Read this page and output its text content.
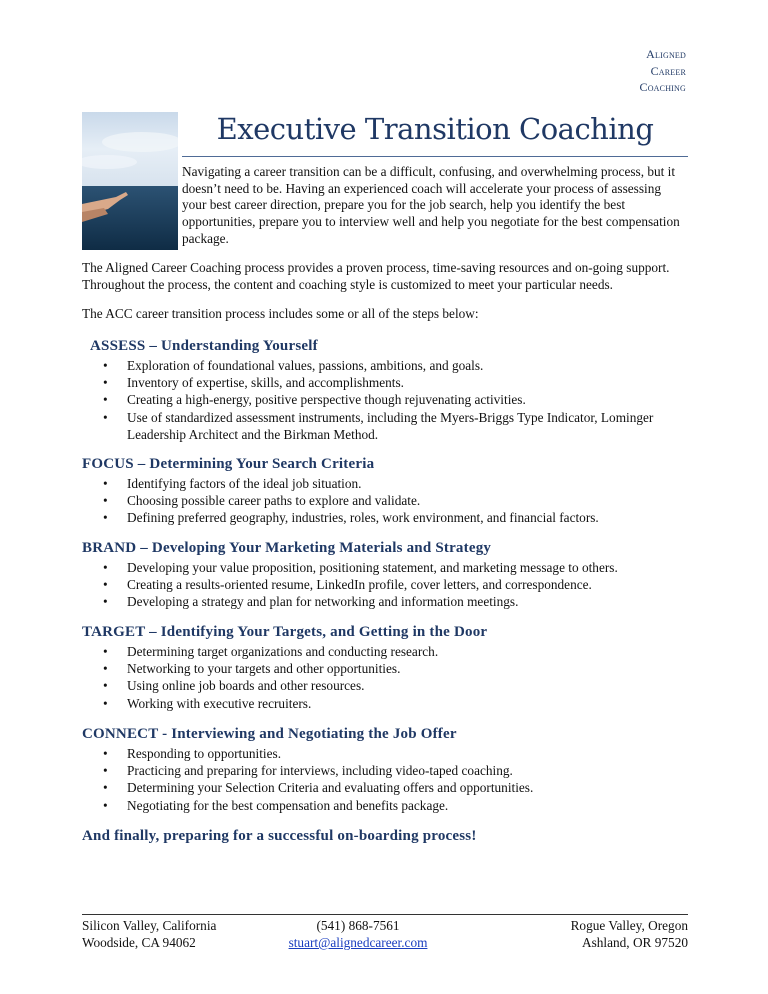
Aligned
Career
Coaching
Executive Transition Coaching

Navigating a career transition can be a difficult, confusing, and overwhelming process, but it doesn’t need to be. Having an experienced coach will accelerate your process of assessing your best career direction, prepare you for the job search, help you identify the best opportunities, prepare you to interview well and help you negotiate for the best compensation package.

The Aligned Career Coaching process provides a proven process, time-saving resources and on-going support. Throughout the process, the content and coaching style is customized to meet your particular needs.

The ACC career transition process includes some or all of the steps below:

ASSESS – Understanding Yourself
• Exploration of foundational values, passions, ambitions, and goals.
• Inventory of expertise, skills, and accomplishments.
• Creating a high-energy, positive perspective though rejuvenating activities.
• Use of standardized assessment instruments, including the Myers-Briggs Type Indicator, Lominger Leadership Architect and the Birkman Method.
FOCUS – Determining Your Search Criteria
• Identifying factors of the ideal job situation.
• Choosing possible career paths to explore and validate.
• Defining preferred geography, industries, roles, work environment, and financial factors.
BRAND – Developing Your Marketing Materials and Strategy
• Developing your value proposition, positioning statement, and marketing message to others.
• Creating a results-oriented resume, LinkedIn profile, cover letters, and correspondence.
• Developing a strategy and plan for networking and information meetings.
TARGET – Identifying Your Targets, and Getting in the Door
• Determining target organizations and conducting research.
• Networking to your targets and other opportunities.
• Using online job boards and other resources.
• Working with executive recruiters.
CONNECT - Interviewing and Negotiating the Job Offer
• Responding to opportunities.
• Practicing and preparing for interviews, including video-taped coaching.
• Determining your Selection Criteria and evaluating offers and opportunities.
• Negotiating for the best compensation and benefits package.
And finally, preparing for a successful on-boarding process!
Silicon Valley, California
Woodside, CA 94062
(541) 868-7561
stuart@alignedcareer.com
Rogue Valley, Oregon
Ashland, OR 97520
